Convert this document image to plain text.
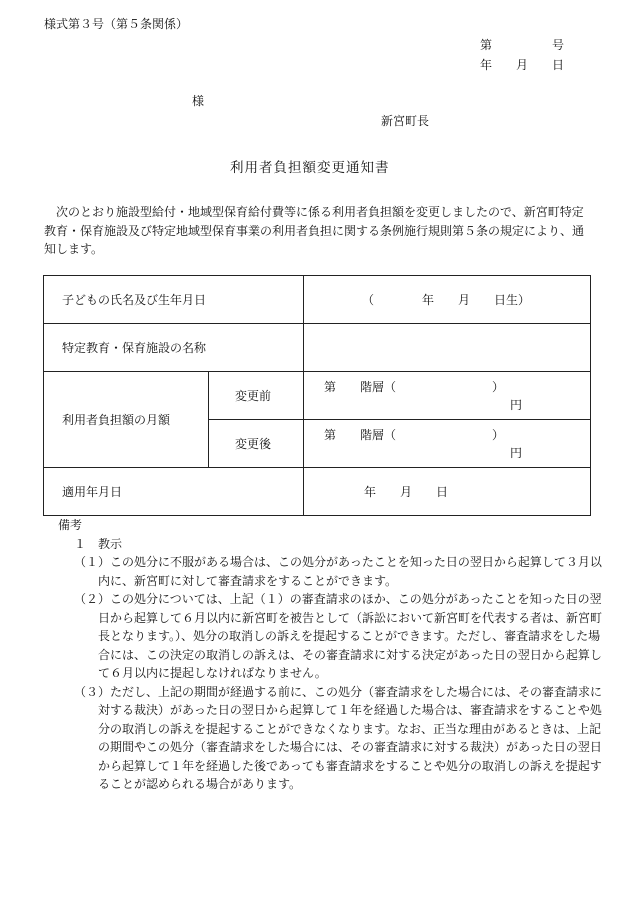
様式第３号（第５条関係）
第　　　　　号
年　　月　　日
様
新宮町長
利用者負担額変更通知書
　次のとおり施設型給付・地域型保育給付費等に係る利用者負担額を変更しましたので、新宮町特定教育・保育施設及び特定地域型保育事業の利用者負担に関する条例施行規則第５条の規定により、通知します。
子どもの氏名及び生年月日		（　　　　年　　月　　日生）
特定教育・保育施設の名称		
利用者負担額の月額	変更前	第　　階層（　　　　　　　　）
円

	変更後	第　　階層（　　　　　　　　）
円

適用年月日		年　　月　　日
備考
１　教示
（１）この処分に不服がある場合は、この処分があったことを知った日の翌日から起算して３月以内に、新宮町に対して審査請求をすることができます。
（２）この処分については、上記（１）の審査請求のほか、この処分があったことを知った日の翌日から起算して６月以内に新宮町を被告として（訴訟において新宮町を代表する者は、新宮町長となります。）、処分の取消しの訴えを提起することができます。ただし、審査請求をした場合には、この決定の取消しの訴えは、その審査請求に対する決定があった日の翌日から起算して６月以内に提起しなければなりません。
（３）ただし、上記の期間が経過する前に、この処分（審査請求をした場合には、その審査請求に対する裁決）があった日の翌日から起算して１年を経過した場合は、審査請求をすることや処分の取消しの訴えを提起することができなくなります。なお、正当な理由があるときは、上記の期間やこの処分（審査請求をした場合には、その審査請求に対する裁決）があった日の翌日から起算して１年を経過した後であっても審査請求をすることや処分の取消しの訴えを提起することが認められる場合があります。
